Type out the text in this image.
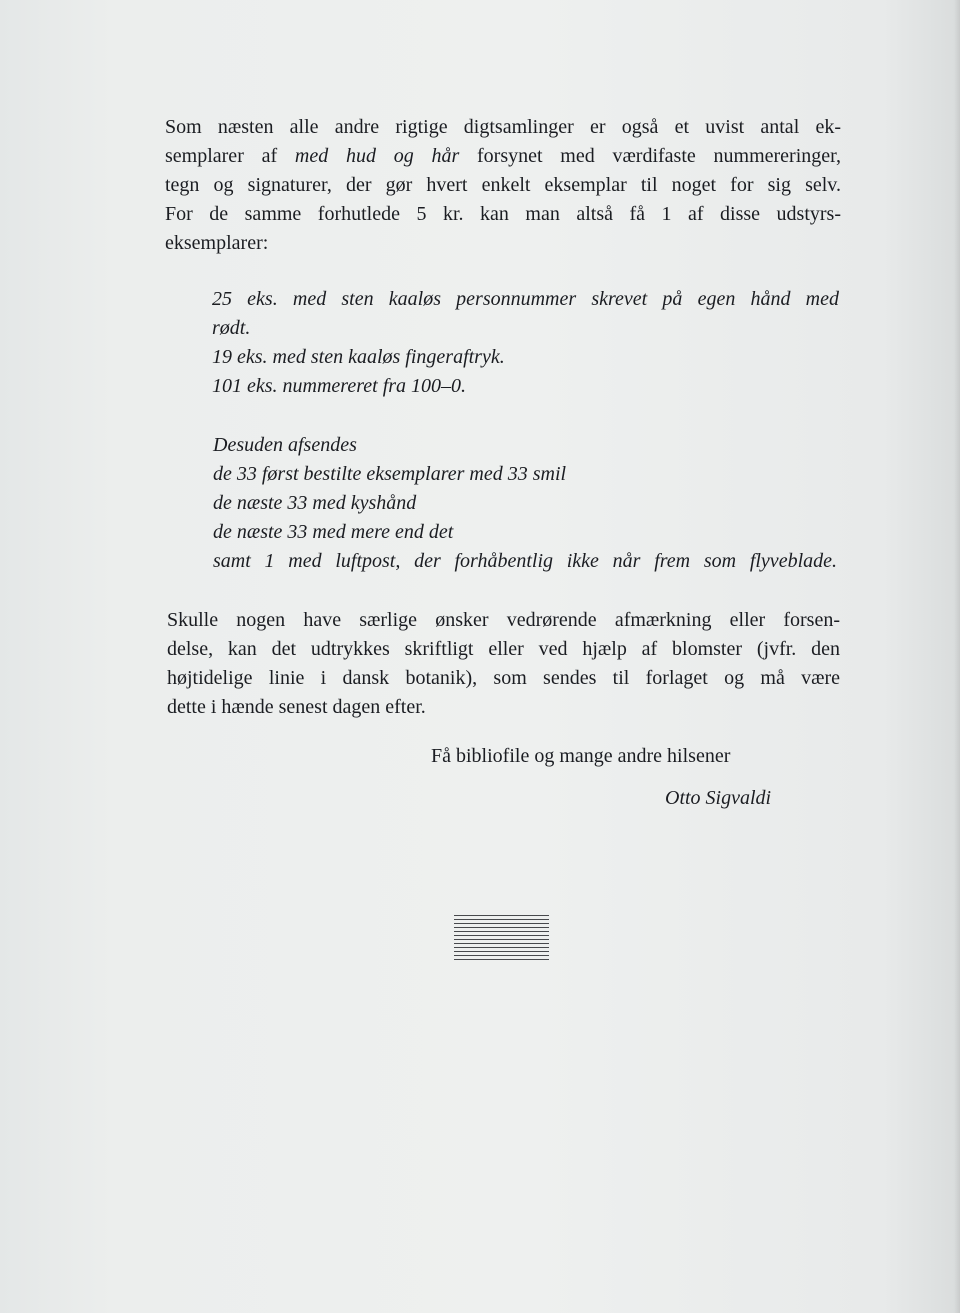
Som næsten alle andre rigtige digtsamlinger er også et uvist antal ek-
semplarer af med hud og hår forsynet med værdifaste nummereringer,
tegn og signaturer, der gør hvert enkelt eksemplar til noget for sig selv.
For de samme forhutlede 5 kr. kan man altså få 1 af disse udstyrs-
eksemplarer:
25 eks. med sten kaaløs personnummer skrevet på egen hånd med
rødt.
19 eks. med sten kaaløs fingeraftryk.
101 eks. nummereret fra 100–0.
Desuden afsendes
de 33 først bestilte eksemplarer med 33 smil
de næste 33 med kyshånd
de næste 33 med mere end det
samt 1 med luftpost, der forhåbentlig ikke når frem som flyveblade.
Skulle nogen have særlige ønsker vedrørende afmærkning eller forsen-
delse, kan det udtrykkes skriftligt eller ved hjælp af blomster (jvfr. den
højtidelige linie i dansk botanik), som sendes til forlaget og må være
dette i hænde senest dagen efter.
Få bibliofile og mange andre hilsener
Otto Sigvaldi
